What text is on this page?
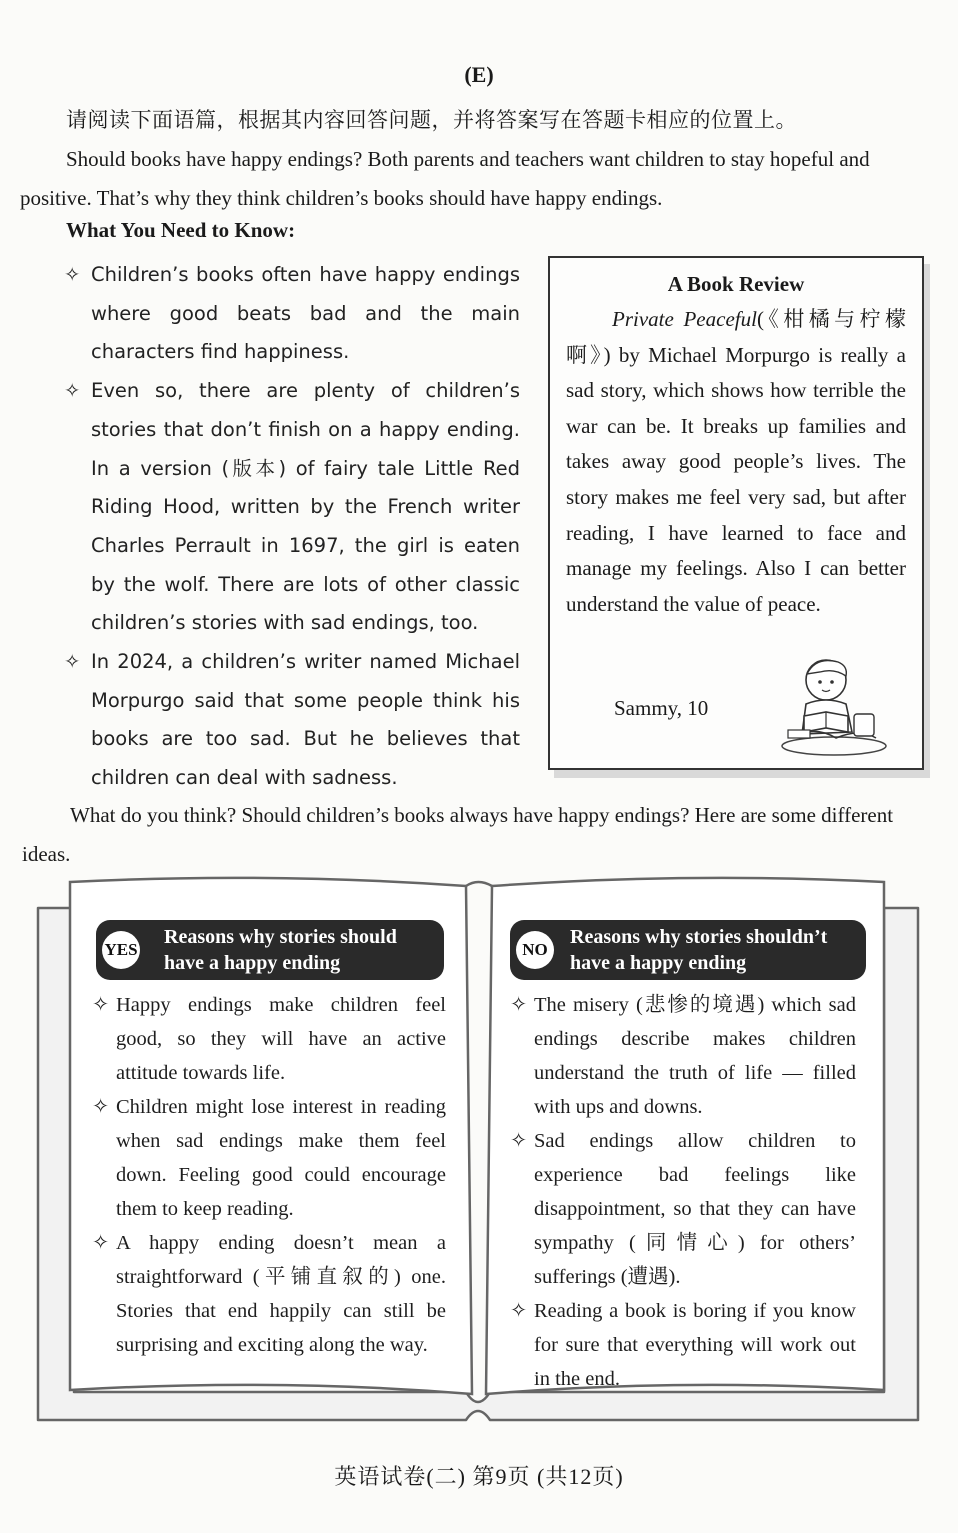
(E)
请阅读下面语篇，根据其内容回答问题，并将答案写在答题卡相应的位置上。
Should books have happy endings? Both parents and teachers want children to stay hopeful and positive. That’s why they think children’s books should have happy endings.
What You Need to Know:
✧ Children’s books often have happy endings where good beats bad and the main characters find happiness.
✧ Even so, there are plenty of children’s stories that don’t finish on a happy ending. In a version (版本) of fairy tale Little Red Riding Hood, written by the French writer Charles Perrault in 1697, the girl is eaten by the wolf. There are lots of other classic children’s stories with sad endings, too.
✧ In 2024, a children’s writer named Michael Morpurgo said that some people think his books are too sad. But he believes that children can deal with sadness.
A Book Review
Private Peaceful(《柑橘与柠檬啊》) by Michael Morpurgo is really a sad story, which shows how terrible the war can be. It breaks up families and takes away good people’s lives. The story makes me feel very sad, but after reading, I have learned to face and manage my feelings. Also I can better understand the value of peace.
Sammy, 10
What do you think? Should children’s books always have happy endings? Here are some different ideas.
YES
Reasons why stories should
have a happy ending
✧ Happy endings make children feel good, so they will have an active attitude towards life.
✧ Children might lose interest in reading when sad endings make them feel down. Feeling good could encourage them to keep reading.
✧ A happy ending doesn’t mean a straightforward (平铺直叙的) one. Stories that end happily can still be surprising and exciting along the way.
NO
Reasons why stories shouldn’t
have a happy ending
✧ The misery (悲惨的境遇) which sad endings describe makes children understand the truth of life — filled with ups and downs.
✧ Sad endings allow children to experience bad feelings like disappointment, so that they can have sympathy (同情心) for others’ sufferings (遭遇).
✧ Reading a book is boring if you know for sure that everything will work out in the end.
英语试卷(二) 第9页 (共12页)
